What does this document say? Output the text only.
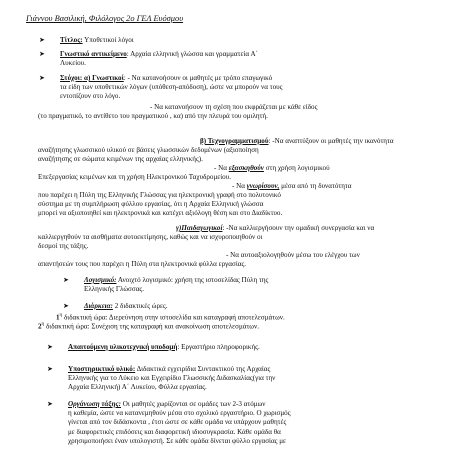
Γιάννου Βασιλική, Φιλόλογος 2ο ΓΕΛ Ευόσμου
➤ Τίτλος: Υποθετικοί λόγοι
➤ Γνωστικό αντικείμενο: Αρχαία ελληνική γλώσσα και γραμματεία Α΄
Λυκείου.
➤ Στόχοι: α) Γνωστικοί: - Να κατανοήσουν οι μαθητές με τρόπο επαγωγικό
τα είδη των υποθετικών λόγων (υπόθεση-απόδοση), ώστε να μπορούν να τους
εντοπίζουν στο λόγο.
- Να κατανοήσουν τη σχέση που εκφράζεται με κάθε είδος
(το πραγματικό, το αντίθετο του πραγματικού , κα) από την πλευρά του ομιλητή.
β) Τεχνογραμματισμού: -Να αναπτύξουν οι μαθητές την ικανότητα
αναζήτησης γλωσσικού υλικού σε βάσεις γλωσσικών δεδομένων (αξιοποίηση
αναζήτησης σε σώματα κειμένων της αρχαίας ελληνικής).
- Να εξασκηθούν στη χρήση λογισμικού
Επεξεργασίας κειμένων και τη χρήση Ηλεκτρονικού Ταχυδρομείου.
- Να γνωρίσουν, μέσα από τη δυνατότητα
που παρέχει η Πύλη της Ελληνικής Γλώσσας για ηλεκτρονική γραφή στο πολυτονικό
σύστημα με τη συμπλήρωση φύλλου εργασίας, ότι η Αρχαία Ελληνική γλώσσα
μπορεί να αξιοποιηθεί και ηλεκτρονικά και κατέχει αξιόλογη θέση και στο Διαδίκτυο.
γ)Παιδαγωγικοί: -Να καλλιεργήσουν την ομαδική συνεργασία και να
καλλιεργηθούν τα αισθήματα αυτοεκτίμησης, καθώς και να ισχυροποιηθούν οι
δεσμοί της τάξης.
- Να αυτοαξιολογηθούν μέσω του ελέγχου των
απαντήσεών τους που παρέχει η Πύλη στα ηλεκτρονικά φύλλα εργασίας.
➤ Λογισμικό: Ανοιχτό λογισμικό: χρήση της ιστοσελίδας Πύλη της
Ελληνικής Γλώσσας.
➤ Διάρκεια: 2 διδακτικές ώρες.
$1^\eta$ διδακτική ώρα: Διερεύνηση στην ιστοσελίδα και καταγραφή αποτελεσμάτων.
$2^\eta$ διδακτική ώρα: Συνέχιση της καταγραφή και ανακοίνωση αποτελεσμάτων.
➤ Απαιτούμενη υλικοτεχνική υποδομή: Εργαστήριο πληροφορικής.
➤ Υποστηρικτικό υλικό: Διδακτικά εγχειρίδια Συντακτικού της Αρχαίας
Ελληνικής για το Λύκειο και Εγχειρίδιο Γλωσσικής Διδασκαλίας(για την
Αρχαία Ελληνική) Α΄ Λυκείου, Φύλλα εργασίας.
➤ Οργάνωση τάξης: Οι μαθητές χωρίζονται σε ομάδες των 2-3 ατόμων
η καθεμία, ώστε να κατανεμηθούν μέσα στο σχολικό εργαστήριο. Ο χωρισμός
γίνεται από τον διδάσκοντα , έτσι ώστε σε κάθε ομάδα να υπάρχουν μαθητές
με διαφορετικές επιδόσεις και διαφορετική ιδιοσυγκρασία. Κάθε ομάδα θα
χρησιμοποιήσει έναν υπολογιστή. Σε κάθε ομάδα δίνεται φύλλο εργασίας με
